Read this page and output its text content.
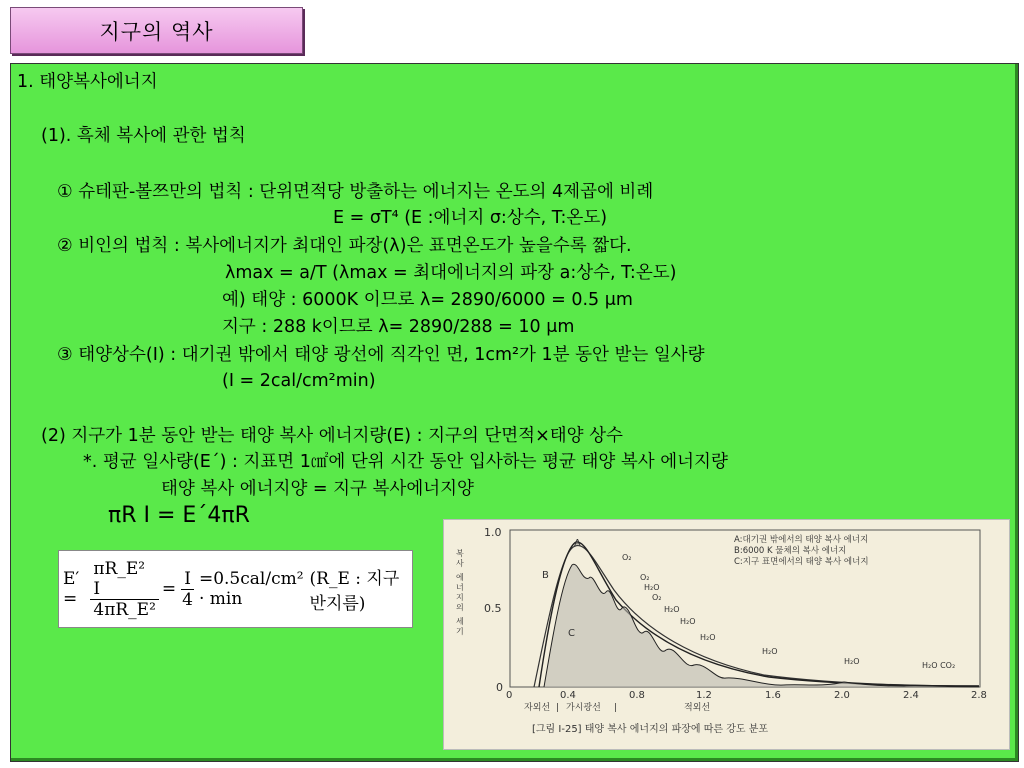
지구의 역사
1. 태양복사에너지
(1). 흑체 복사에 관한 법칙
① 슈테판-볼쯔만의 법칙 : 단위면적당 방출하는 에너지는 온도의 4제곱에 비례
E = σT⁴ (E :에너지 σ:상수, T:온도)
② 비인의 법칙 : 복사에너지가 최대인 파장(λ)은 표면온도가 높을수록 짧다.
λmax = a/T (λmax = 최대에너지의 파장 a:상수, T:온도)
예) 태양 : 6000K 이므로 λ= 2890/6000 = 0.5 μm
지구 : 288 k이므로 λ= 2890/288 = 10 μm
③ 태양상수(I) : 대기권 밖에서 태양 광선에 직각인 면, 1cm²가 1분 동안 받는 일사량
(I = 2cal/cm²min)
(2) 지구가 1분 동안 받는 태양 복사 에너지량(E) : 지구의 단면적×태양 상수
*. 평균 일사량(E´) : 지표면 1㎠에 단위 시간 동안 입사하는 평균 태양 복사 에너지량
태양 복사 에너지양 = 지구 복사에너지양
πR I = E´4πR
$E' = \frac{\text{πR\_E² I}}{\text{4πR\_E²}} = \frac{I}{4} =0.5cal/cm^2 \cdot \min$
(R_E : 지구 반지름)
1.0
0.5
0
복
사
에
너
지
의
세
기
0	0.4	0.8	1.2	1.6	2.0	2.4	2.8
자외선 | 가시광선 |	적외선
A
B
C
O₂
O₂
H₂O
O₂
H₂O
H₂O
H₂O
H₂O
H₂O	H₂O CO₂
A:대기권 밖에서의 태양 복사 에너지
B:6000 K 물체의 복사 에너지
C:지구 표면에서의 태양 복사 에너지
[그림 Ⅰ-25] 태양 복사 에너지의 파장에 따른 강도 분포
